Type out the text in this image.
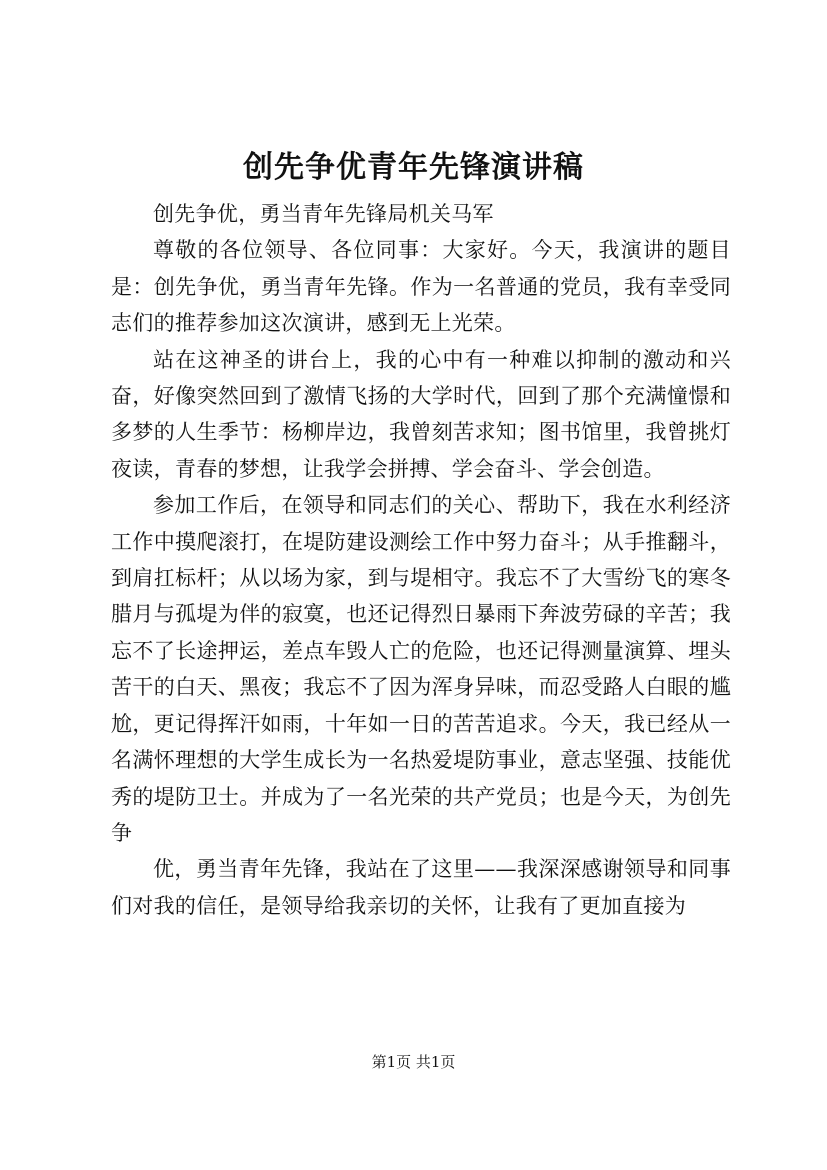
创先争优青年先锋演讲稿

创先争优，勇当青年先锋局机关马军

尊敬的各位领导、各位同事：大家好。今天，我演讲的题目是：创先争优，勇当青年先锋。作为一名普通的党员，我有幸受同志们的推荐参加这次演讲，感到无上光荣。

站在这神圣的讲台上，我的心中有一种难以抑制的激动和兴奋，好像突然回到了激情飞扬的大学时代，回到了那个充满憧憬和多梦的人生季节：杨柳岸边，我曾刻苦求知；图书馆里，我曾挑灯夜读，青春的梦想，让我学会拼搏、学会奋斗、学会创造。

参加工作后，在领导和同志们的关心、帮助下，我在水利经济工作中摸爬滚打，在堤防建设测绘工作中努力奋斗；从手推翻斗，到肩扛标杆；从以场为家，到与堤相守。我忘不了大雪纷飞的寒冬腊月与孤堤为伴的寂寞，也还记得烈日暴雨下奔波劳碌的辛苦；我忘不了长途押运，差点车毁人亡的危险，也还记得测量演算、埋头苦干的白天、黑夜；我忘不了因为浑身异味，而忍受路人白眼的尴尬，更记得挥汗如雨，十年如一日的苦苦追求。今天，我已经从一名满怀理想的大学生成长为一名热爱堤防事业，意志坚强、技能优秀的堤防卫士。并成为了一名光荣的共产党员；也是今天，为创先争

优，勇当青年先锋，我站在了这里——我深深感谢领导和同事们对我的信任，是领导给我亲切的关怀，让我有了更加直接为

第1页 共1页
